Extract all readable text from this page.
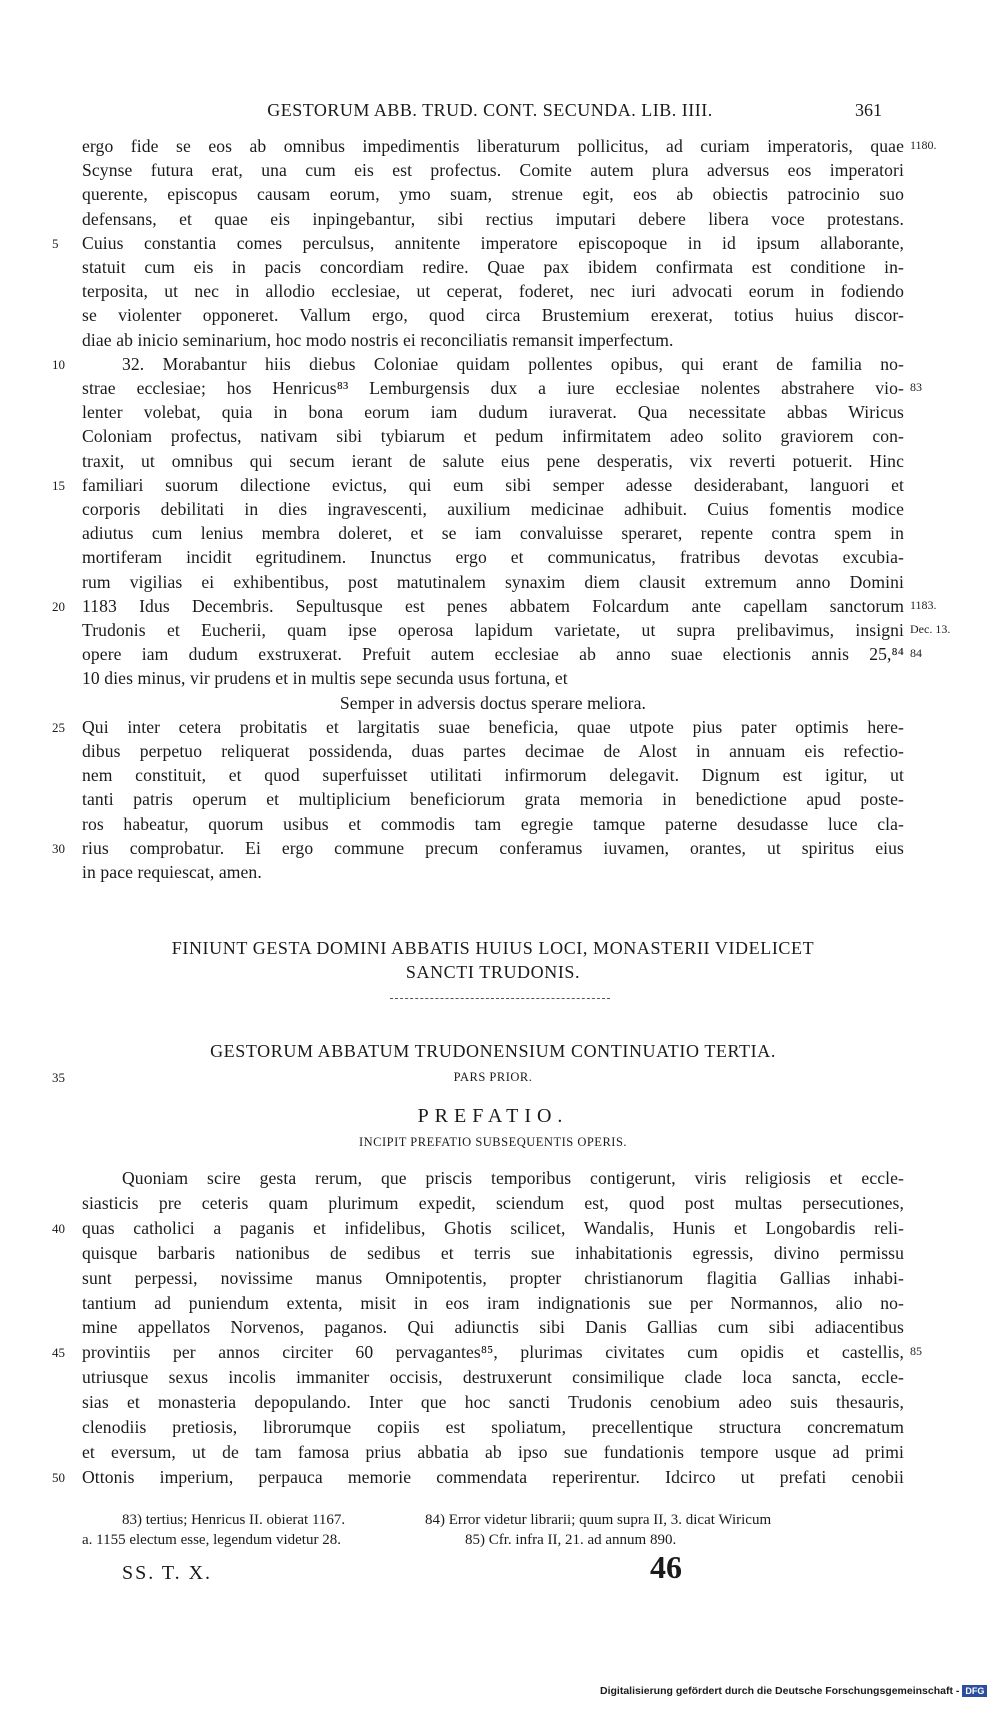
GESTORUM ABB. TRUD. CONT. SECUNDA. LIB. IIII.	361
ergo fide se eos ab omnibus impedimentis liberaturum pollicitus, ad curiam imperatoris, quae 1180.
Scynse futura erat, una cum eis est profectus. Comite autem plura adversus eos imperatori
querente, episcopus causam eorum, ymo suam, strenue egit, eos ab obiectis patrocinio suo
defensans, et quae eis inpingebantur, sibi rectius imputari debere libera voce protestans.
Cuius constantia comes perculsus, annitente imperatore episcopoque in id ipsum allaborante,
5
statuit cum eis in pacis concordiam redire. Quae pax ibidem confirmata est conditione in-
terposita, ut nec in allodio ecclesiae, ut ceperat, foderet, nec iuri advocati eorum in fodiendo
se violenter opponeret. Vallum ergo, quod circa Brustemium erexerat, totius huius discor-
diae ab inicio seminarium, hoc modo nostris ei reconciliatis remansit imperfectum.
32. Morabantur hiis diebus Coloniae quidam pollentes opibus, qui erant de familia no-
10
strae ecclesiae; hos Henricus⁸³ Lemburgensis dux a iure ecclesiae nolentes abstrahere vio- 83
lenter volebat, quia in bona eorum iam dudum iuraverat. Qua necessitate abbas Wiricus
Coloniam profectus, nativam sibi tybiarum et pedum infirmitatem adeo solito graviorem con-
traxit, ut omnibus qui secum ierant de salute eius pene desperatis, vix reverti potuerit. Hinc
familiari suorum dilectione evictus, qui eum sibi semper adesse desiderabant, languori et
15
corporis debilitati in dies ingravescenti, auxilium medicinae adhibuit. Cuius fomentis modice
adiutus cum lenius membra doleret, et se iam convaluisse speraret, repente contra spem in
mortiferam incidit egritudinem. Inunctus ergo et communicatus, fratribus devotas excubia-
rum vigilias ei exhibentibus, post matutinalem synaxim diem clausit extremum anno Domini
1183 Idus Decembris. Sepultusque est penes abbatem Folcardum ante capellam sanctorum
20	1183.
Trudonis et Eucherii, quam ipse operosa lapidum varietate, ut supra prelibavimus, insigni Dec. 13.
opere iam dudum exstruxerat. Prefuit autem ecclesiae ab anno suae electionis annis 25,⁸⁴ 84
10 dies minus, vir prudens et in multis sepe secunda usus fortuna, et
Semper in adversis doctus sperare meliora.
Qui inter cetera probitatis et largitatis suae beneficia, quae utpote pius pater optimis here-
25
dibus perpetuo reliquerat possidenda, duas partes decimae de Alost in annuam eis refectio-
nem constituit, et quod superfuisset utilitati infirmorum delegavit. Dignum est igitur, ut
tanti patris operum et multiplicium beneficiorum grata memoria in benedictione apud poste-
ros habeatur, quorum usibus et commodis tam egregie tamque paterne desudasse luce cla-
rius comprobatur. Ei ergo commune precum conferamus iuvamen, orantes, ut spiritus eius
30
in pace requiescat, amen.
FINIUNT GESTA DOMINI ABBATIS HUIUS LOCI, MONASTERII VIDELICET
SANCTI TRUDONIS.
GESTORUM ABBATUM TRUDONENSIUM CONTINUATIO TERTIA.
35	PARS PRIOR.
PREFATIO.
INCIPIT PREFATIO SUBSEQUENTIS OPERIS.
Quoniam scire gesta rerum, que priscis temporibus contigerunt, viris religiosis et eccle-
siasticis pre ceteris quam plurimum expedit, sciendum est, quod post multas persecutiones,
quas catholici a paganis et infidelibus, Ghotis scilicet, Wandalis, Hunis et Longobardis reli-
40
quisque barbaris nationibus de sedibus et terris sue inhabitationis egressis, divino permissu
sunt perpessi, novissime manus Omnipotentis, propter christianorum flagitia Gallias inhabi-
tantium ad puniendum extenta, misit in eos iram indignationis sue per Normannos, alio no-
mine appellatos Norvenos, paganos. Qui adiunctis sibi Danis Gallias cum sibi adiacentibus
provintiis per annos circiter 60 pervagantes⁸⁵, plurimas civitates cum opidis et castellis,
45	85
utriusque sexus incolis immaniter occisis, destruxerunt consimilique clade loca sancta, eccle-
sias et monasteria depopulando. Inter que hoc sancti Trudonis cenobium adeo suis thesauris,
clenodiis pretiosis, librorumque copiis est spoliatum, precellentique structura concrematum
et eversum, ut de tam famosa prius abbatia ab ipso sue fundationis tempore usque ad primi
Ottonis imperium, perpauca memorie commendata reperirentur. Idcirco ut prefati cenobii
50
83) tertius; Henricus II. obierat 1167.
a. 1155 electum esse, legendum videtur 28.
84) Error videtur librarii; quum supra II, 3. dicat Wiricum
85) Cfr. infra II, 21. ad annum 890.
SS. T. X.	46
Digitalisierung gefördert durch die Deutsche Forschungsgemeinschaft - DFG
